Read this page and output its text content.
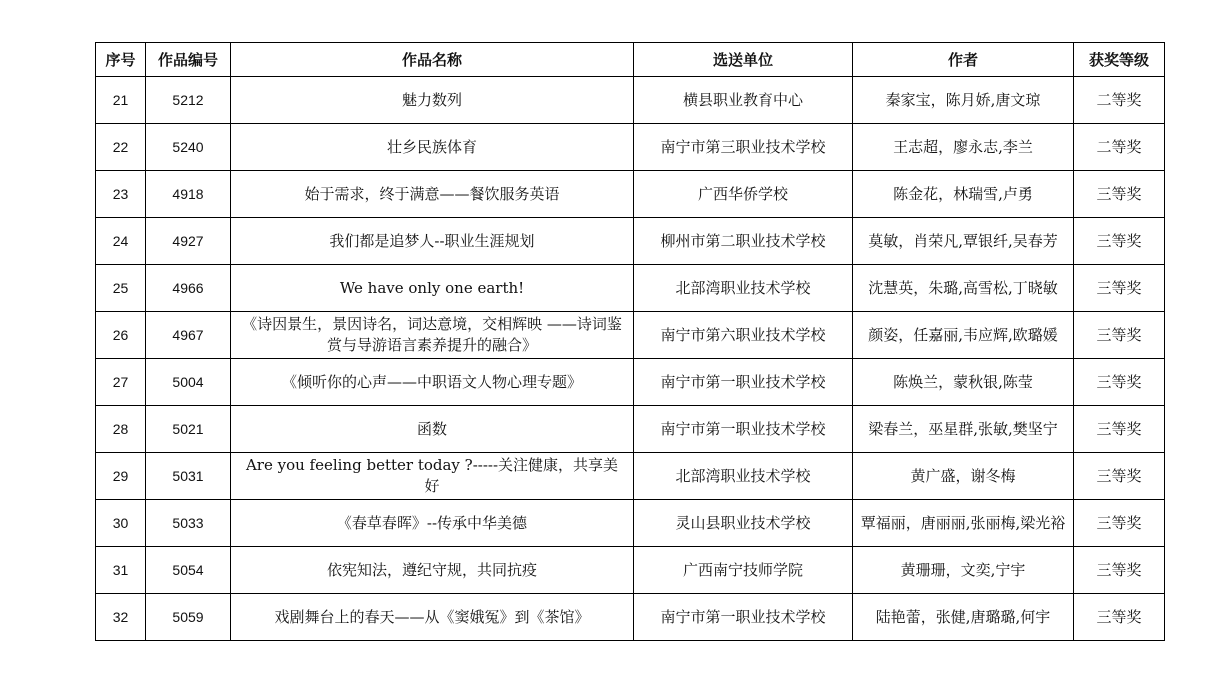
序号	作品编号	作品名称	选送单位	作者	获奖等级
21	5212	魅力数列	横县职业教育中心	秦家宝，陈月娇,唐文琼	二等奖
22	5240	壮乡民族体育	南宁市第三职业技术学校	王志超，廖永志,李兰	二等奖
23	4918	始于需求，终于满意——餐饮服务英语	广西华侨学校	陈金花，林瑞雪,卢勇	三等奖
24	4927	我们都是追梦人--职业生涯规划	柳州市第二职业技术学校	莫敏，肖荣凡,覃银纤,吴春芳	三等奖
25	4966	We have only one earth!	北部湾职业技术学校	沈慧英，朱璐,高雪松,丁晓敏	三等奖
26	4967	《诗因景生，景因诗名，词达意境，交相辉映 ——诗词鉴赏与导游语言素养提升的融合》	南宁市第六职业技术学校	颜姿，任嘉丽,韦应辉,欧璐媛	三等奖
27	5004	《倾听你的心声——中职语文人物心理专题》	南宁市第一职业技术学校	陈焕兰，蒙秋银,陈莹	三等奖
28	5021	函数	南宁市第一职业技术学校	梁春兰，巫星群,张敏,樊坚宁	三等奖
29	5031	Are you feeling better today ?-----关注健康，共享美好	北部湾职业技术学校	黄广盛，谢冬梅	三等奖
30	5033	《春草春晖》--传承中华美德	灵山县职业技术学校	覃福丽，唐丽丽,张丽梅,梁光裕	三等奖
31	5054	依宪知法，遵纪守规，共同抗疫	广西南宁技师学院	黄珊珊，文奕,宁宇	三等奖
32	5059	戏剧舞台上的春天——从《窦娥冤》到《茶馆》	南宁市第一职业技术学校	陆艳蕾，张健,唐璐璐,何宇	三等奖
